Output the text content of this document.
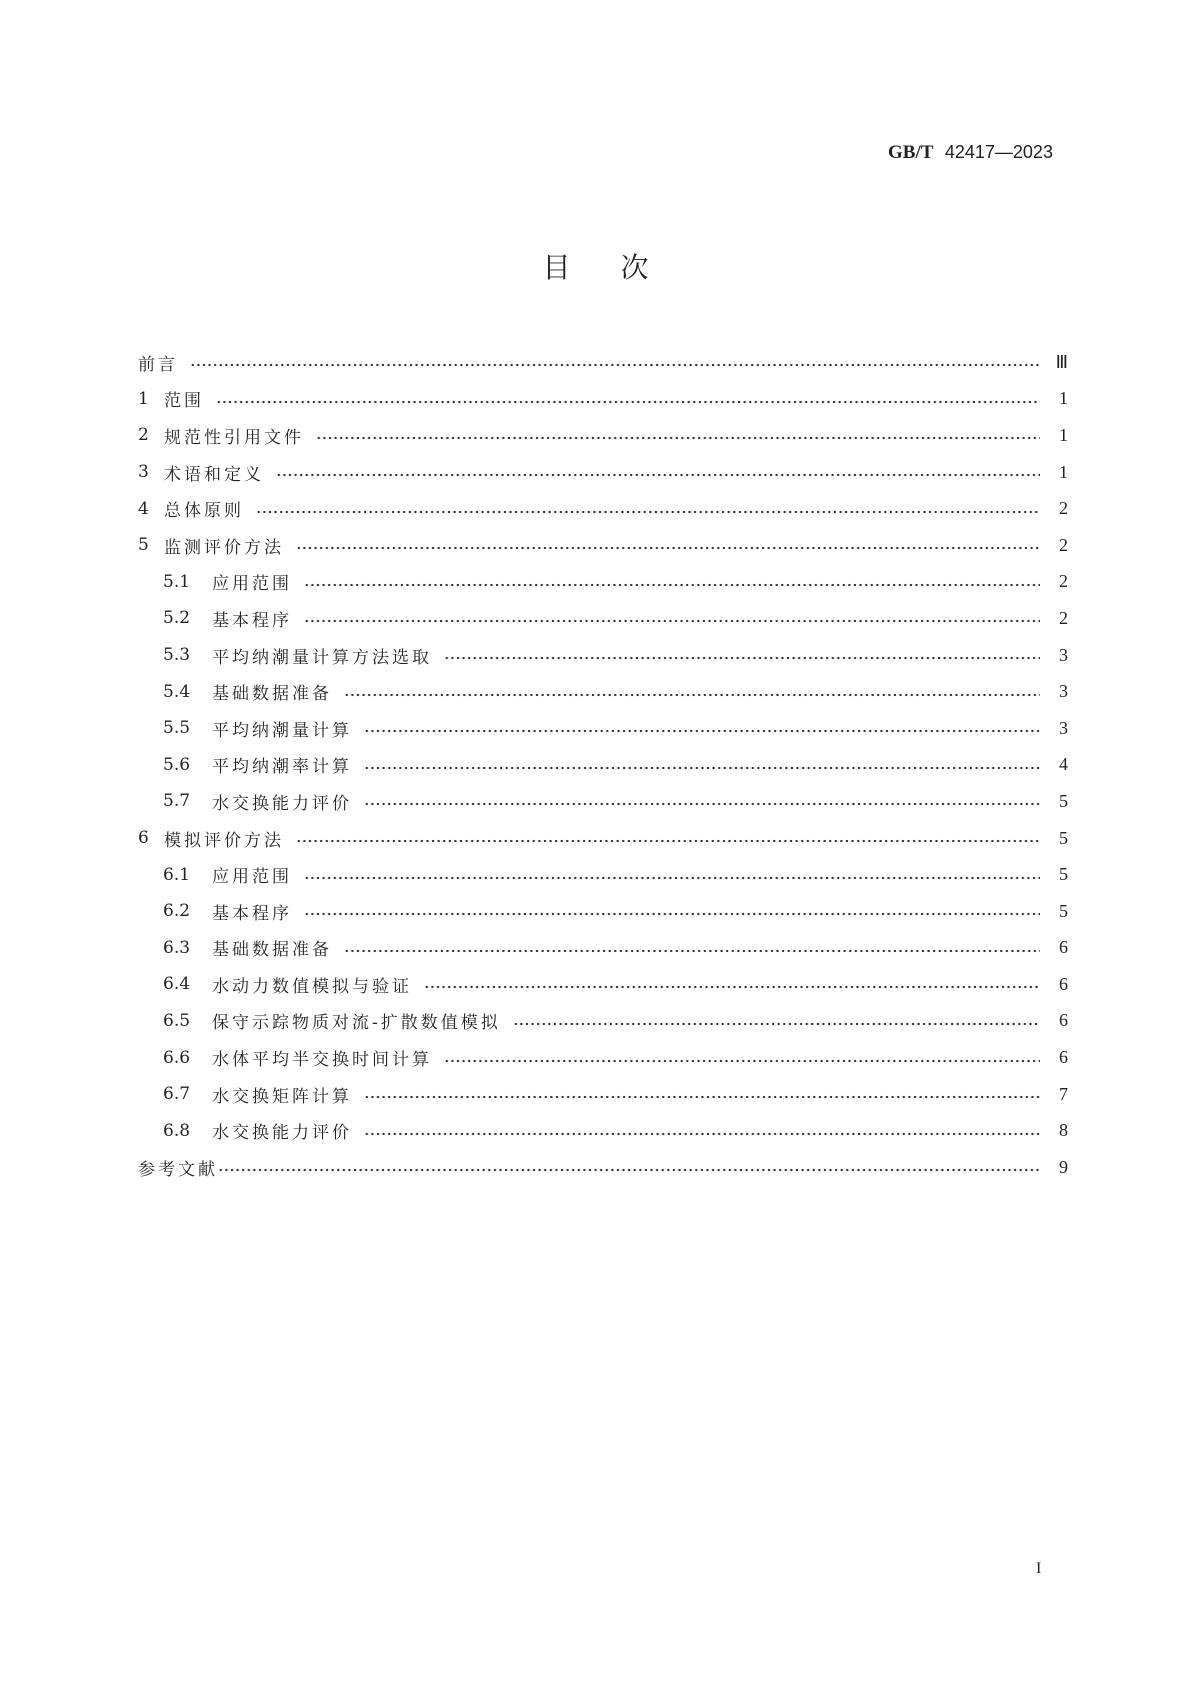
GB/T 42417—2023
目次
前言	Ⅲ
1 范围	1
2 规范性引用文件	1
3 术语和定义	1
4 总体原则	2
5 监测评价方法	2
5.1	应用范围	2
5.2	基本程序	2
5.3	平均纳潮量计算方法选取	3
5.4	基础数据准备	3
5.5	平均纳潮量计算	3
5.6	平均纳潮率计算	4
5.7	水交换能力评价	5
6 模拟评价方法	5
6.1	应用范围	5
6.2	基本程序	5
6.3	基础数据准备	6
6.4	水动力数值模拟与验证	6
6.5	保守示踪物质对流-扩散数值模拟	6
6.6	水体平均半交换时间计算	6
6.7	水交换矩阵计算	7
6.8	水交换能力评价	8
参考文献	9
I
